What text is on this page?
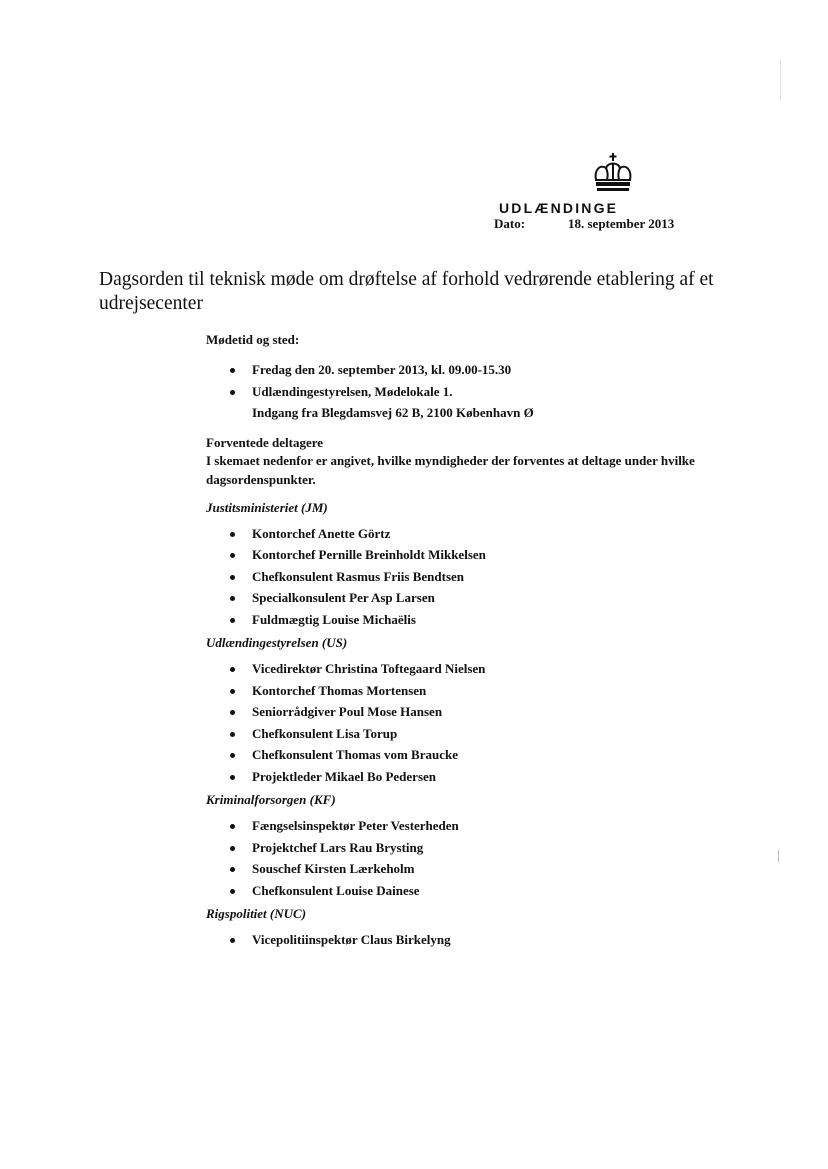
UDLÆNDINGE
Dato:	18. september 2013
Dagsorden til teknisk møde om drøftelse af forhold vedrørende etablering af et udrejsecenter

Mødetid og sted:

Fredag den 20. september 2013, kl. 09.00-15.30
Udlændingestyrelsen, Mødelokale 1.
Indgang fra Blegdamsvej 62 B, 2100 København Ø

Forventede deltagere

I skemaet nedenfor er angivet, hvilke myndigheder der forventes at deltage under hvilke dagsordenspunkter.

Justitsministeriet (JM)

Kontorchef Anette Görtz
Kontorchef Pernille Breinholdt Mikkelsen
Chefkonsulent Rasmus Friis Bendtsen
Specialkonsulent Per Asp Larsen
Fuldmægtig Louise Michaëlis

Udlændingestyrelsen (US)

Vicedirektør Christina Toftegaard Nielsen
Kontorchef Thomas Mortensen
Seniorrådgiver Poul Mose Hansen
Chefkonsulent Lisa Torup
Chefkonsulent Thomas vom Braucke
Projektleder Mikael Bo Pedersen

Kriminalforsorgen (KF)

Fængselsinspektør Peter Vesterheden
Projektchef Lars Rau Brysting
Souschef Kirsten Lærkeholm
Chefkonsulent Louise Dainese

Rigspolitiet (NUC)

Vicepolitiinspektør Claus Birkelyng
